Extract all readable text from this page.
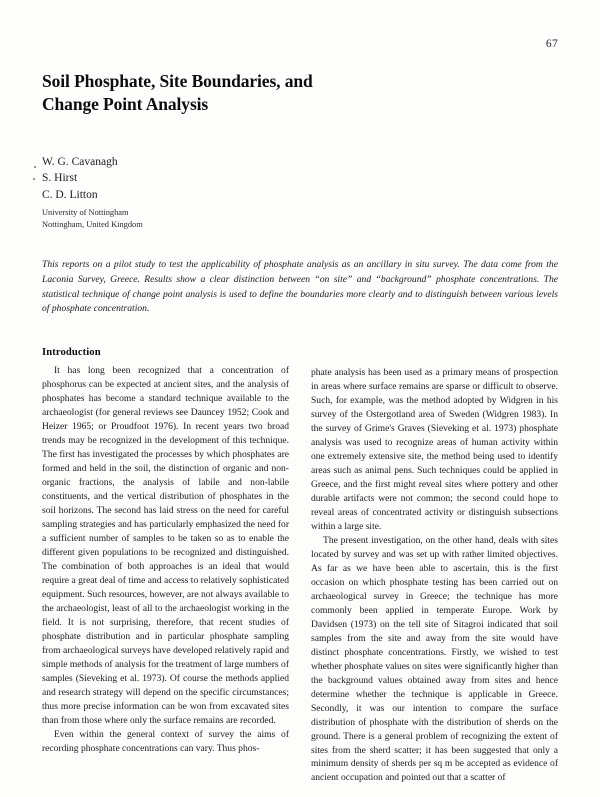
67
Soil Phosphate, Site Boundaries, and Change Point Analysis
W. G. Cavanagh
S. Hirst
C. D. Litton
University of Nottingham
Nottingham, United Kingdom
This reports on a pilot study to test the applicability of phosphate analysis as an ancillary in situ survey. The data come from the Laconia Survey, Greece. Results show a clear distinction between “on site” and “background” phosphate concentrations. The statistical technique of change point analysis is used to define the boundaries more clearly and to distinguish between various levels of phosphate concentration.
Introduction

It has long been recognized that a concentration of phosphorus can be expected at ancient sites, and the analysis of phosphates has become a standard technique available to the archaeologist (for general reviews see Dauncey 1952; Cook and Heizer 1965; or Proudfoot 1976). In recent years two broad trends may be recognized in the development of this technique. The first has investigated the processes by which phosphates are formed and held in the soil, the distinction of organic and non-organic fractions, the analysis of labile and non-labile constituents, and the vertical distribution of phosphates in the soil horizons. The second has laid stress on the need for careful sampling strategies and has particularly emphasized the need for a sufficient number of samples to be taken so as to enable the different given populations to be recognized and distinguished. The combination of both approaches is an ideal that would require a great deal of time and access to relatively sophisticated equipment. Such resources, however, are not always available to the archaeologist, least of all to the archaeologist working in the field. It is not surprising, therefore, that recent studies of phosphate distribution and in particular phosphate sampling from archaeological surveys have developed relatively rapid and simple methods of analysis for the treatment of large numbers of samples (Sieveking et al. 1973). Of course the methods applied and research strategy will depend on the specific circumstances; thus more precise information can be won from excavated sites than from those where only the surface remains are recorded.

Even within the general context of survey the aims of recording phosphate concentrations can vary. Thus phos-

phate analysis has been used as a primary means of prospection in areas where surface remains are sparse or difficult to observe. Such, for example, was the method adopted by Widgren in his survey of the Ostergotland area of Sweden (Widgren 1983). In the survey of Grime's Graves (Sieveking et al. 1973) phosphate analysis was used to recognize areas of human activity within one extremely extensive site, the method being used to identify areas such as animal pens. Such techniques could be applied in Greece, and the first might reveal sites where pottery and other durable artifacts were not common; the second could hope to reveal areas of concentrated activity or distinguish subsections within a large site.

The present investigation, on the other hand, deals with sites located by survey and was set up with rather limited objectives. As far as we have been able to ascertain, this is the first occasion on which phosphate testing has been carried out on archaeological survey in Greece; the technique has more commonly been applied in temperate Europe. Work by Davidsen (1973) on the tell site of Sitagroi indicated that soil samples from the site and away from the site would have distinct phosphate concentrations. Firstly, we wished to test whether phosphate values on sites were significantly higher than the background values obtained away from sites and hence determine whether the technique is applicable in Greece. Secondly, it was our intention to compare the surface distribution of phosphate with the distribution of sherds on the ground. There is a general problem of recognizing the extent of sites from the sherd scatter; it has been suggested that only a minimum density of sherds per sq m be accepted as evidence of ancient occupation and pointed out that a scatter of
